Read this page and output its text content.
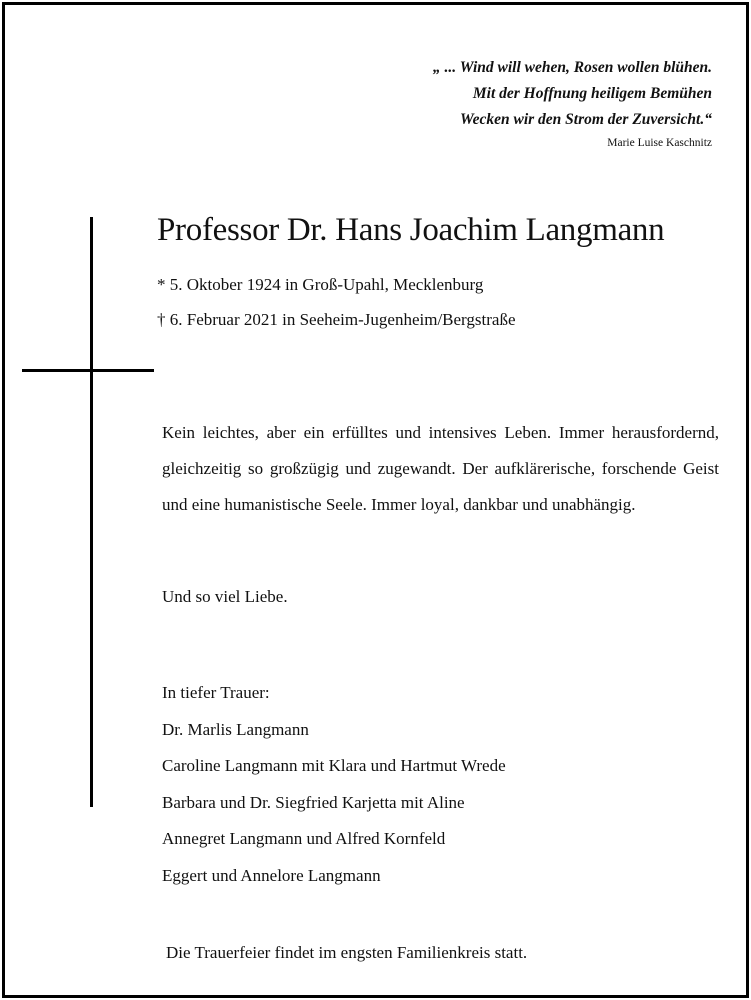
„ ... Wind will wehen, Rosen wollen blühen.
Mit der Hoffnung heiligem Bemühen
Wecken wir den Strom der Zuversicht.“
Marie Luise Kaschnitz
Professor Dr. Hans Joachim Langmann
* 5. Oktober 1924 in Groß-Upahl, Mecklenburg
† 6. Februar 2021 in Seeheim-Jugenheim/Bergstraße

Kein leichtes, aber ein erfülltes und intensives Leben. Immer herausfordernd, gleichzeitig so großzügig und zugewandt. Der aufklärerische, forschende Geist und eine humanistische Seele. Immer loyal, dankbar und unabhängig.

Und so viel Liebe.
In tiefer Trauer:
Dr. Marlis Langmann
Caroline Langmann mit Klara und Hartmut Wrede
Barbara und Dr. Siegfried Karjetta mit Aline
Annegret Langmann und Alfred Kornfeld
Eggert und Annelore Langmann
Die Trauerfeier findet im engsten Familienkreis statt.
